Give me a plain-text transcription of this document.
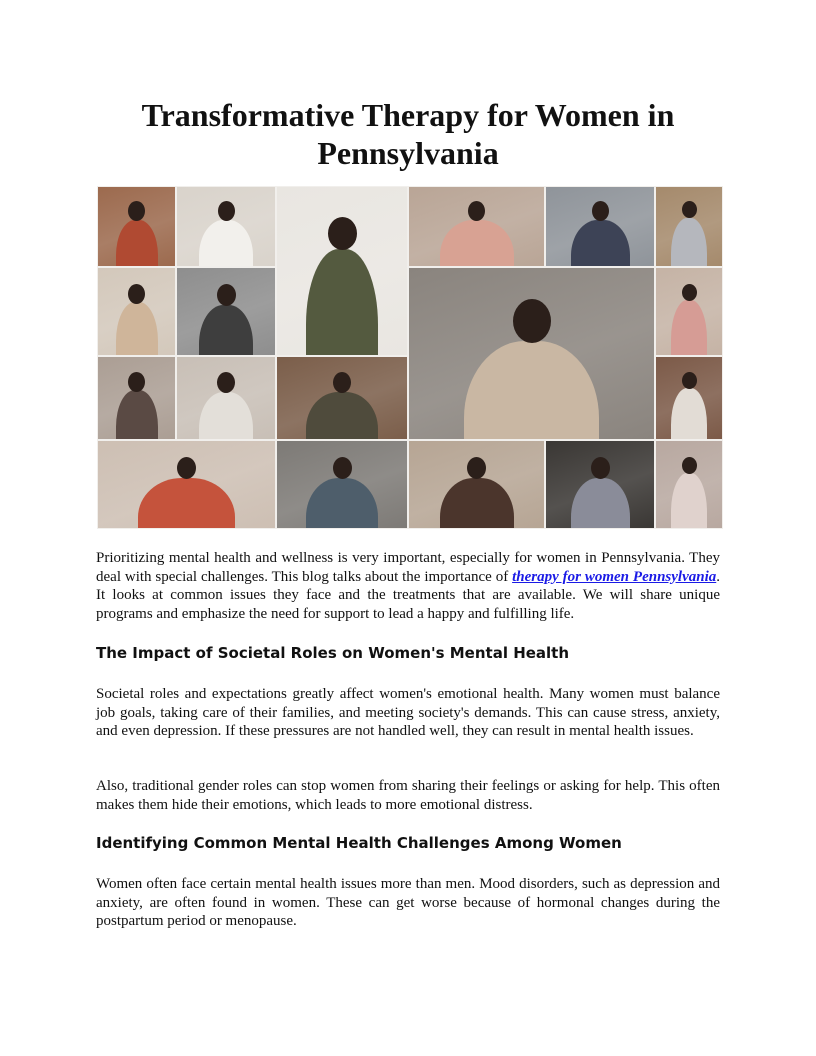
Transformative Therapy for Women in Pennsylvania

Prioritizing mental health and wellness is very important, especially for women in Pennsylvania. They deal with special challenges. This blog talks about the importance of therapy for women Pennsylvania. It looks at common issues they face and the treatments that are available. We will share unique programs and emphasize the need for support to lead a happy and fulfilling life.

The Impact of Societal Roles on Women's Mental Health

Societal roles and expectations greatly affect women's emotional health. Many women must balance job goals, taking care of their families, and meeting society's demands. This can cause stress, anxiety, and even depression. If these pressures are not handled well, they can result in mental health issues.

Also, traditional gender roles can stop women from sharing their feelings or asking for help. This often makes them hide their emotions, which leads to more emotional distress.

Identifying Common Mental Health Challenges Among Women

Women often face certain mental health issues more than men. Mood disorders, such as depression and anxiety, are often found in women. These can get worse because of hormonal changes during the postpartum period or menopause.
